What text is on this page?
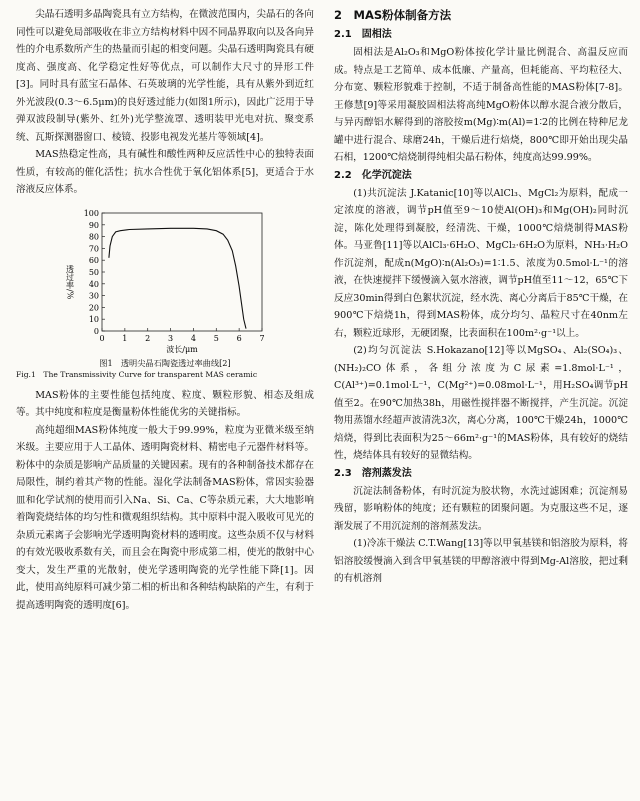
尖晶石透明多晶陶瓷具有立方结构，在微波范围内，尖晶石的各向同性可以避免局部吸收在非立方结构材料中因不同晶界取向以及各向异性的介电系数所产生的热量而引起的相变问题。尖晶石透明陶瓷具有硬度高、强度高、化学稳定性好等优点，可以制作大尺寸的异形工件[3]。同时具有蓝宝石晶体、石英玻璃的光学性能，具有从紫外到近红外光波段(0.3～6.5μm)的良好透过能力(如图1所示)，因此广泛用于导弹双波段制导(紫外、红外)光学整流罩、透明装甲光电对抗、聚变系统、瓦斯探测器窗口、棱镜、投影电视发光基片等领域[4]。

MAS热稳定性高，具有碱性和酸性两种反应活性中心的独特表面性质，有较高的催化活性；抗水合性优于氧化铝体系[5]，更适合于水溶液反应体系。

透过率/%
0
10
20
30
40
50
60
70
80
90
100
0 1 2 3 4 5 6 7
波长/μm
图1　透明尖晶石陶瓷透过率曲线[2]
Fig.1　The Transmissivity Curve for transparent MAS ceramic

MAS粉体的主要性能包括纯度、粒度、颗粒形貌、相态及组成等。其中纯度和粒度是衡量粉体性能优劣的关键指标。

高纯超细MAS粉体纯度一般大于99.99%，粒度为亚微米级至纳米级。主要应用于人工晶体、透明陶瓷材料、精密电子元器件材料等。粉体中的杂质是影响产品质量的关键因素。现有的各种制备技术都存在局限性，制约着其产物的性能。湿化学法制备MAS粉体，常因实验器皿和化学试剂的使用而引入Na、Si、Ca、C等杂质元素，大大地影响着陶瓷烧结体的均匀性和微观组织结构。其中原料中混入吸收可见光的杂质元素离子会影响光学透明陶瓷材料的透明度。这些杂质不仅与材料的有效光吸收系数有关，而且会在陶瓷中形成第二相，使光的散射中心变大，发生严重的光散射，使光学透明陶瓷的光学性能下降[1]。因此，使用高纯原料可减少第二相的析出和各种结构缺陷的产生，有利于提高透明陶瓷的透明度[6]。

2　MAS粉体制备方法
2.1　固相法

固相法是Al₂O₃和MgO粉体按化学计量比例混合、高温反应而成。特点是工艺简单、成本低廉、产量高，但耗能高、平均粒径大、分布宽、颗粒形貌难于控制，不适于制备高性能的MAS粉体[7-8]。王修慧[9]等采用凝胶固相法将高纯MgO粉体以醇水混合液分散后，与异丙醇铝水解得到的溶胶按m(Mg)∶m(Al)=1∶2的比例在特种尼龙罐中进行混合、球磨24h，干燥后进行焙烧，800℃即开始出现尖晶石相，1200℃焙烧制得纯相尖晶石粉体，纯度高达99.99%。

2.2　化学沉淀法

(1)共沉淀法 J.Katanic[10]等以AlCl₃、MgCl₂为原料，配成一定浓度的溶液，调节pH值至9～10使Al(OH)₃和Mg(OH)₂同时沉淀，陈化处理得到凝胶，经清洗、干燥，1000℃焙烧制得MAS粉体。马亚鲁[11]等以AlCl₃·6H₂O、MgCl₂·6H₂O为原料，NH₃·H₂O作沉淀剂，配成n(MgO)∶n(Al₂O₃)=1∶1.5、浓度为0.5mol·L⁻¹的溶液，在快速搅拌下缓慢滴入氨水溶液，调节pH值至11～12，65℃下反应30min得到白色絮状沉淀，经水洗、离心分离后于85℃干燥，在900℃下焙烧1h，得到MAS粉体，成分均匀、晶粒尺寸在40nm左右，颗粒近球形，无硬团聚，比表面积在100m²·g⁻¹以上。

(2)均匀沉淀法 S.Hokazano[12]等以MgSO₄、Al₂(SO₄)₃、(NH₂)₂CO体系，各组分浓度为C尿素=1.8mol·L⁻¹，C(Al³⁺)=0.1mol·L⁻¹，C(Mg²⁺)=0.08mol·L⁻¹，用H₂SO₄调节pH值至2。在90℃加热38h，用磁性搅拌器不断搅拌，产生沉淀。沉淀物用蒸馏水经超声波清洗3次，离心分离，100℃干燥24h，1000℃焙烧，得到比表面积为25～66m²·g⁻¹的MAS粉体，具有较好的烧结性，烧结体具有较好的显微结构。

2.3　溶剂蒸发法

沉淀法制备粉体，有时沉淀为胶状物，水洗过滤困难；沉淀剂易残留，影响粉体的纯度；还有颗粒的团聚问题。为克服这些不足，逐渐发展了不用沉淀剂的溶剂蒸发法。

(1)冷冻干燥法 C.T.Wang[13]等以甲氧基镁和铝溶胶为原料，将铝溶胶缓慢滴入到含甲氧基镁的甲醇溶液中得到Mg-Al溶胶，把过剩的有机溶剂
